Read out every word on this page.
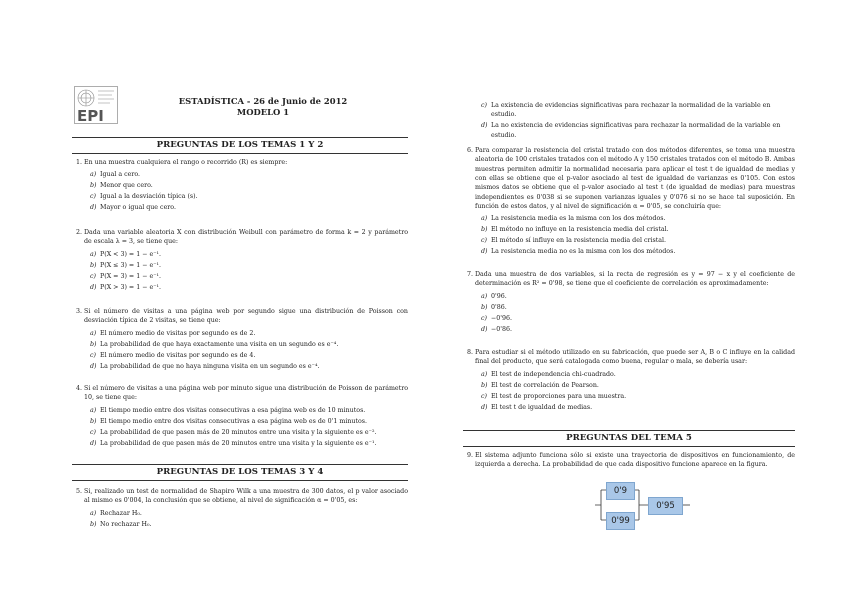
EPI
ESTADÍSTICA - 26 de Junio de 2012
MODELO 1
PREGUNTAS DE LOS TEMAS 1 Y 2
1. En una muestra cualquiera el rango o recorrido (R) es siempre:
a) Igual a cero.
b) Menor que cero.
c) Igual a la desviación típica (s).
d) Mayor o igual que cero.
2. Dada una variable aleatoria X con distribución Weibull con parámetro de forma k = 2 y parámetro de escala λ = 3, se tiene que:
a) P(X < 3) = 1 − e⁻¹.
b) P(X ≤ 3) = 1 − e⁻¹.
c) P(X = 3) = 1 − e⁻¹.
d) P(X > 3) = 1 − e⁻¹.
3. Si el número de visitas a una página web por segundo sigue una distribución de Poisson con desviación típica de 2 visitas, se tiene que:
a) El número medio de visitas por segundo es de 2.
b) La probabilidad de que haya exactamente una visita en un segundo es e⁻⁴.
c) El número medio de visitas por segundo es de 4.
d) La probabilidad de que no haya ninguna visita en un segundo es e⁻⁴.
4. Si el número de visitas a una página web por minuto sigue una distribución de Poisson de parámetro 10, se tiene que:
a) El tiempo medio entre dos visitas consecutivas a esa página web es de 10 minutos.
b) El tiempo medio entre dos visitas consecutivas a esa página web es de 0'1 minutos.
c) La probabilidad de que pasen más de 20 minutos entre una visita y la siguiente es e⁻².
d) La probabilidad de que pasen más de 20 minutos entre una visita y la siguiente es e⁻¹.
PREGUNTAS DE LOS TEMAS 3 Y 4
5. Si, realizado un test de normalidad de Shapiro Wilk a una muestra de 300 datos, el p valor asociado al mismo es 0'004, la conclusión que se obtiene, al nivel de significación α = 0'05, es:
a) Rechazar H₀.
b) No rechazar H₀.
c) La existencia de evidencias significativas para rechazar la normalidad de la variable en estudio.
d) La no existencia de evidencias significativas para rechazar la normalidad de la variable en estudio.
6. Para comparar la resistencia del cristal tratado con dos métodos diferentes, se toma una muestra aleatoria de 100 cristales tratados con el método A y 150 cristales tratados con el método B. Ambas muestras permiten admitir la normalidad necesaria para aplicar el test t de igualdad de medias y con ellas se obtiene que el p-valor asociado al test de igualdad de varianzas es 0'105. Con estos mismos datos se obtiene que el p-valor asociado al test t (de igualdad de medias) para muestras independientes es 0'038 si se suponen varianzas iguales y 0'076 si no se hace tal suposición. En función de estos datos, y al nivel de significación α = 0'05, se concluiría que:
a) La resistencia media es la misma con los dos métodos.
b) El método no influye en la resistencia media del cristal.
c) El método sí influye en la resistencia media del cristal.
d) La resistencia media no es la misma con los dos métodos.
7. Dada una muestra de dos variables, si la recta de regresión es y = 97 − x y el coeficiente de determinación es R² = 0'98, se tiene que el coeficiente de correlación es aproximadamente:
a) 0'96.
b) 0'86.
c) −0'96.
d) −0'86.
8. Para estudiar si el método utilizado en su fabricación, que puede ser A, B o C influye en la calidad final del producto, que será catalogada como buena, regular o mala, se debería usar:
a) El test de independencia chi-cuadrado.
b) El test de correlación de Pearson.
c) El test de proporciones para una muestra.
d) El test t de igualdad de medias.
PREGUNTAS DEL TEMA 5
9. El sistema adjunto funciona sólo si existe una trayectoria de dispositivos en funcionamiento, de izquierda a derecha. La probabilidad de que cada dispositivo funcione aparece en la figura.
0'9
0'99
0'95
